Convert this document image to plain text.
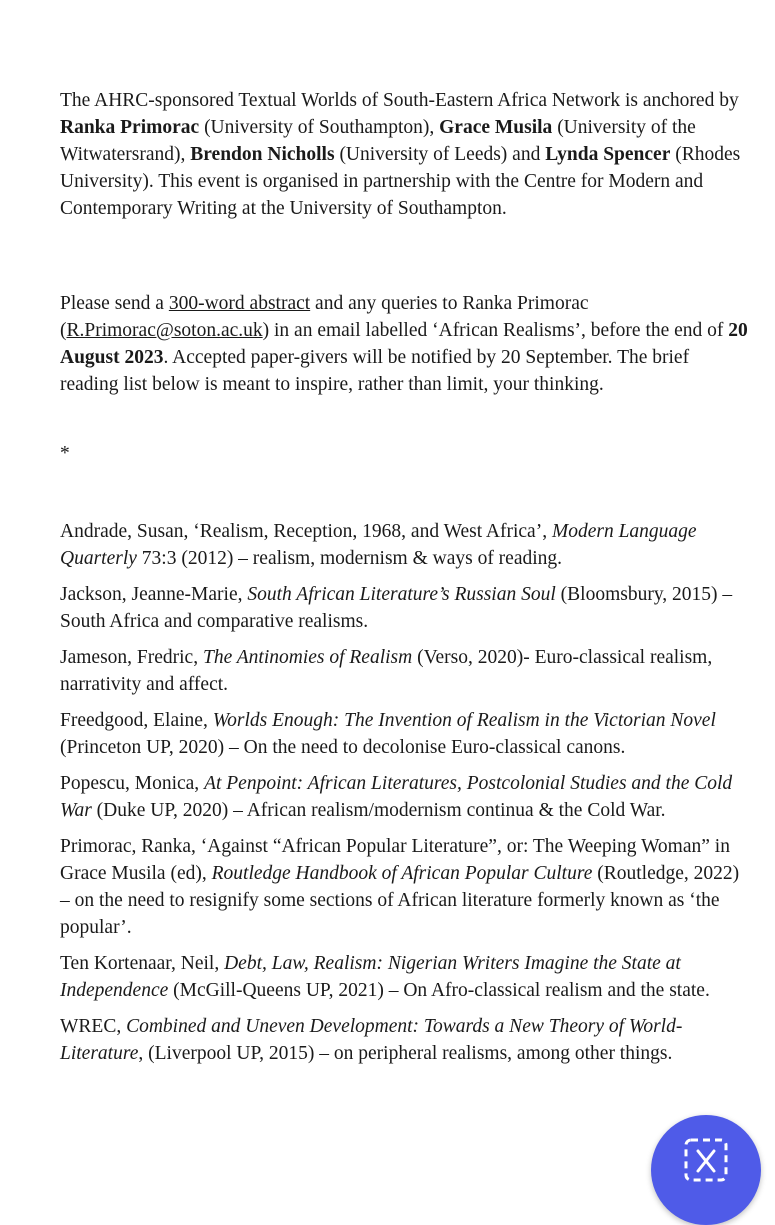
The AHRC-sponsored Textual Worlds of South-Eastern Africa Network is anchored by Ranka Primorac (University of Southampton), Grace Musila (University of the Witwatersrand), Brendon Nicholls (University of Leeds) and Lynda Spencer (Rhodes University). This event is organised in partnership with the Centre for Modern and Contemporary Writing at the University of Southampton.

Please send a 300-word abstract and any queries to Ranka Primorac (R.Primorac@soton.ac.uk) in an email labelled ‘African Realisms’, before the end of 20 August 2023. Accepted paper-givers will be notified by 20 September. The brief reading list below is meant to inspire, rather than limit, your thinking.

*

Andrade, Susan, ‘Realism, Reception, 1968, and West Africa’, Modern Language Quarterly 73:3 (2012) – realism, modernism & ways of reading.

Jackson, Jeanne-Marie, South African Literature’s Russian Soul (Bloomsbury, 2015) – South Africa and comparative realisms.

Jameson, Fredric, The Antinomies of Realism (Verso, 2020)- Euro-classical realism, narrativity and affect.

Freedgood, Elaine, Worlds Enough: The Invention of Realism in the Victorian Novel (Princeton UP, 2020) – On the need to decolonise Euro-classical canons.

Popescu, Monica, At Penpoint: African Literatures, Postcolonial Studies and the Cold War (Duke UP, 2020) – African realism/modernism continua & the Cold War.

Primorac, Ranka, ‘Against “African Popular Literature”, or: The Weeping Woman” in Grace Musila (ed), Routledge Handbook of African Popular Culture (Routledge, 2022) – on the need to resignify some sections of African literature formerly known as ‘the popular’.

Ten Kortenaar, Neil, Debt, Law, Realism: Nigerian Writers Imagine the State at Independence (McGill-Queens UP, 2021) – On Afro-classical realism and the state.

WREC, Combined and Uneven Development: Towards a New Theory of World-Literature, (Liverpool UP, 2015) – on peripheral realisms, among other things.
